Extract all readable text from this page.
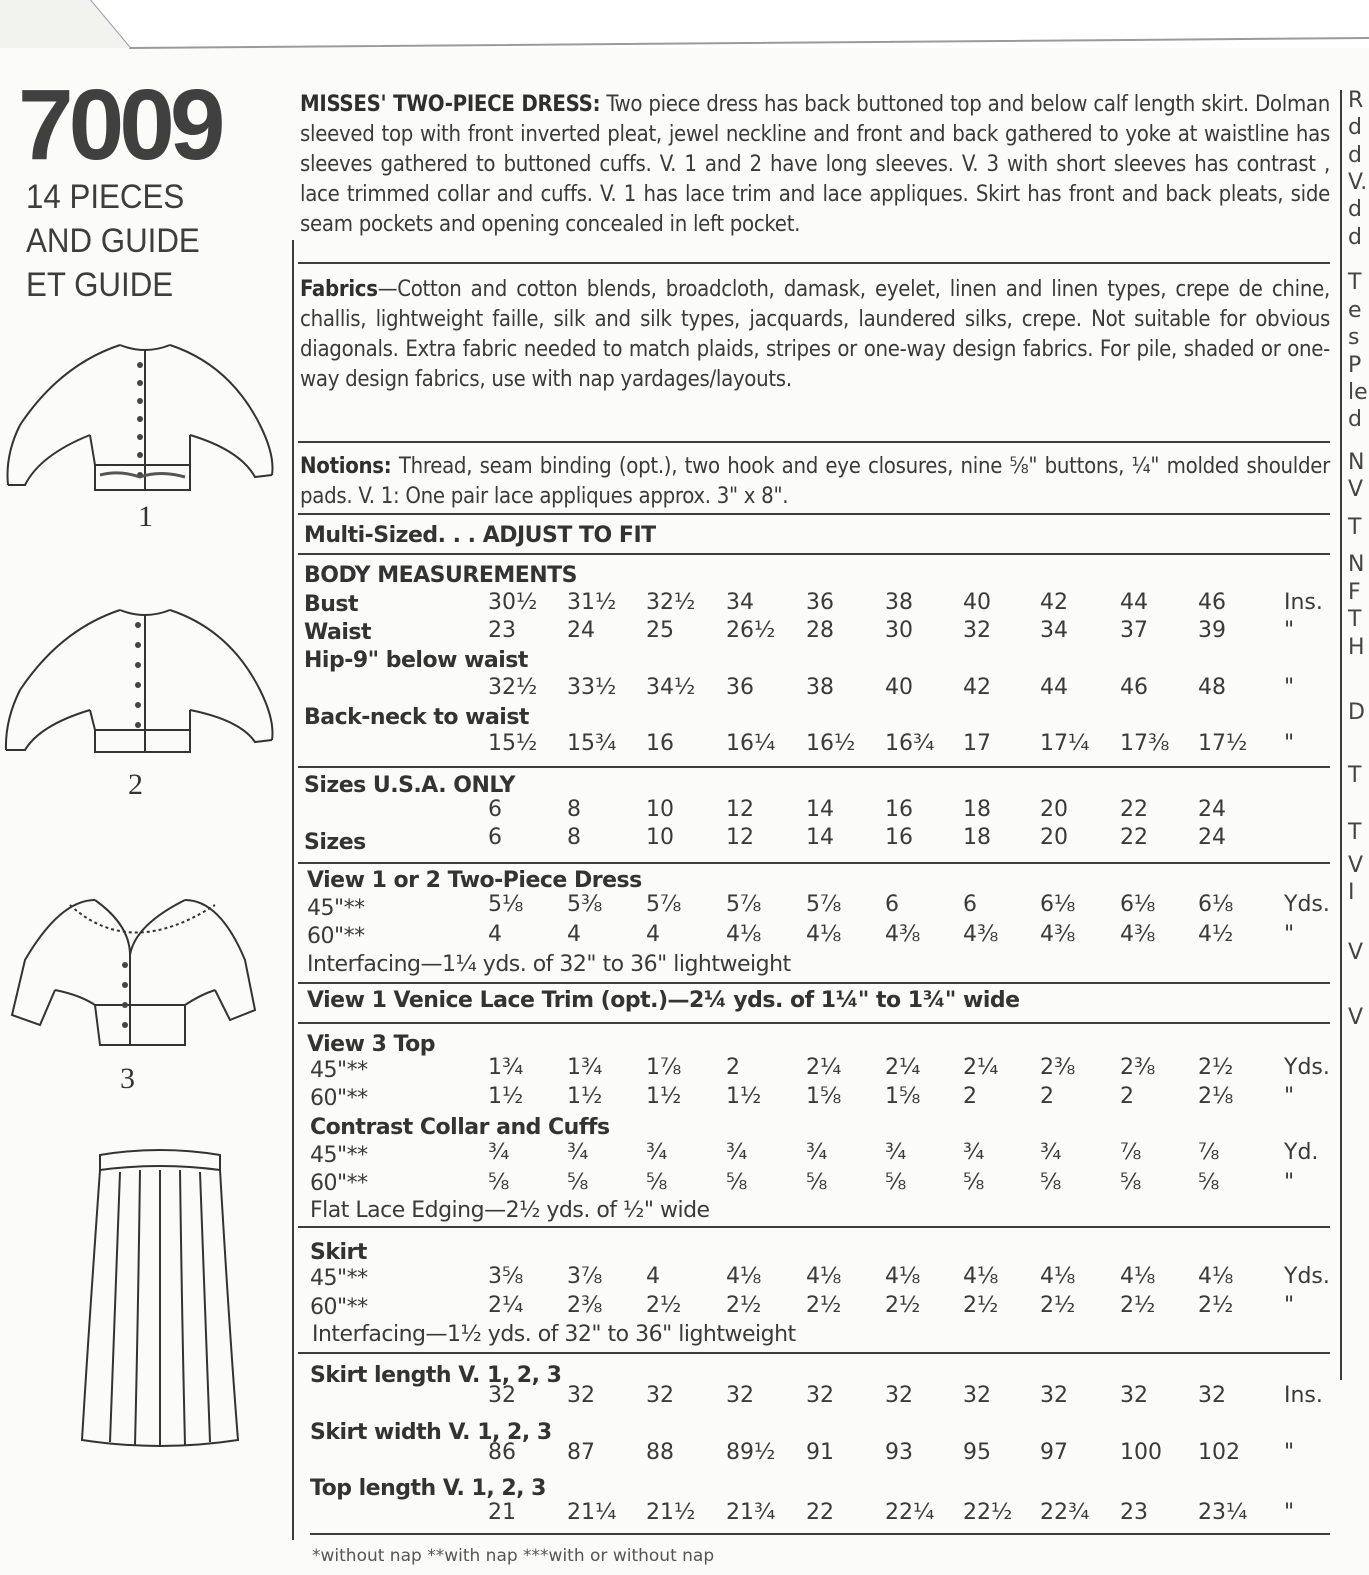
7009
14 PIECES
AND GUIDE
ET GUIDE
1
2
3
MISSES' TWO-PIECE DRESS: Two piece dress has back buttoned top and below calf length skirt. Dolman sleeved top with front inverted pleat, jewel neckline and front and back gathered to yoke at waistline has sleeves gathered to buttoned cuffs. V. 1 and 2 have long sleeves. V. 3 with short sleeves has contrast , lace trimmed collar and cuffs. V. 1 has lace trim and lace appliques. Skirt has front and back pleats, side seam pockets and opening concealed in left pocket.
Fabrics—Cotton and cotton blends, broadcloth, damask, eyelet, linen and linen types, crepe de chine, challis, lightweight faille, silk and silk types, jacquards, laundered silks, crepe. Not suitable for obvious diagonals. Extra fabric needed to match plaids, stripes or one-way design fabrics. For pile, shaded or one-way design fabrics, use with nap yardages/layouts.
Notions: Thread, seam binding (opt.), two hook and eye closures, nine ⅝" buttons, ¼" molded shoulder pads. V. 1: One pair lace appliques approx. 3" x 8".
Multi-Sized. . . ADJUST TO FIT
BODY MEASUREMENTS
Bust	30½	31½	32½	34	36	38	40	42	44	46	Ins.
Waist	23	24	25	26½	28	30	32	34	37	39	"
Hip-9" below waist
32½	33½	34½	36	38	40	42	44	46	48	"
Back-neck to waist
15½	15¾	16	16¼	16½	16¾	17	17¼	17⅜	17½	"
Sizes U.S.A. ONLY
6	8	10	12	14	16	18	20	22	24
Sizes	6	8	10	12	14	16	18	20	22	24
View 1 or 2 Two-Piece Dress
45"**	5⅛	5⅜	5⅞	5⅞	5⅞	6	6	6⅛	6⅛	6⅛	Yds.
60"**	4	4	4	4⅛	4⅛	4⅜	4⅜	4⅜	4⅜	4½	"
Interfacing—1¼ yds. of 32" to 36" lightweight
View 1 Venice Lace Trim (opt.)—2¼ yds. of 1¼" to 1¾" wide
View 3 Top
45"**	1¾	1¾	1⅞	2	2¼	2¼	2¼	2⅜	2⅜	2½	Yds.
60"**	1½	1½	1½	1½	1⅝	1⅝	2	2	2	2⅛	"
Contrast Collar and Cuffs
45"**	¾	¾	¾	¾	¾	¾	¾	¾	⅞	⅞	Yd.
60"**	⅝	⅝	⅝	⅝	⅝	⅝	⅝	⅝	⅝	⅝	"
Flat Lace Edging—2½ yds. of ½" wide
Skirt
45"**	3⅝	3⅞	4	4⅛	4⅛	4⅛	4⅛	4⅛	4⅛	4⅛	Yds.
60"**	2¼	2⅜	2½	2½	2½	2½	2½	2½	2½	2½	"
Interfacing—1½ yds. of 32" to 36" lightweight
Skirt length V. 1, 2, 3
32	32	32	32	32	32	32	32	32	32	Ins.
Skirt width V. 1, 2, 3
86	87	88	89½	91	93	95	97	100	102	"
Top length V. 1, 2, 3
21	21¼	21½	21¾	22	22¼	22½	22¾	23	23¼	"
*without nap **with nap ***with or without nap
R
d
d
V.
d
d
T
e
s
P
le
d
N
V
T
N
F
T
H
D
T
T
V
I
V
V
